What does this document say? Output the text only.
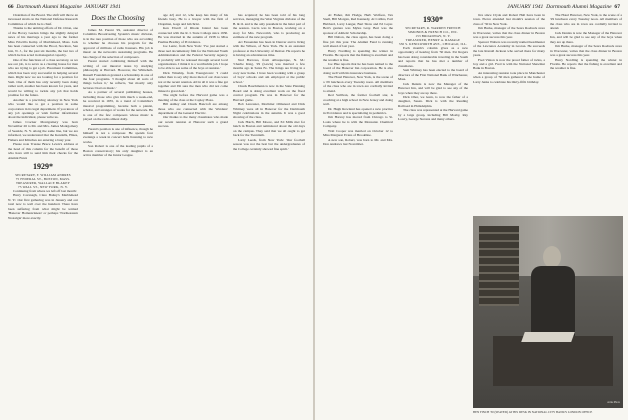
66 Dartmouth Alumni Magazine JANUARY 1941

Chairman of the Board. The shift will throw an increased strain on the National Defense Research Committee of which he is chief.

Thanks to the untiring efforts of Dr. Orton, one of the Hovey Garden brings the slightly delayed news of his marriage a year ago to the former Miss Priscilla Kemp of Marblehead, Mass. Jack has been connected with the Hood, Stockton, San Gin, N. J., for the past six months, the last two of which he has acted in managerial capacity.

One of the functions of a class secretary, as we see our job, is to serve as a clearing house for men who are trying to get a job. Placement Committee, which has been very successful in helping several men. Right now we are looking for a position for Sam. One of them has only recently been doing rather well, another has been known for years, and would be willing to tackle any job that holds promise for the future.

Another is a practicing attorney in New York who would like to get a position in some corporation in its legal department. If you know of any job openings or wish further information about the individual, please write us.

James Crocker Montgomery was born November 26 to Mr. and Mrs. James Montgomery of Seaside, N. Y. Along the same line, but we are informed, we understand that the Kendalls, Hixes, Fishers and Klinches are entering a busy year.

Please note Trustee Bruce Lewis's address at the head of this column for the benefit of those who have still to send him their checks for the Alumni Fund.

1929*
SECRETARY, F. WILLIAM ANDRES
75 FEDERAL ST., BOSTON, MASS.
TREASURER, WALLACE BLAKEY
75 WALL ST., NEW YORK, N. Y.

Continuing from where we left off last month:

Harry Cavanagh, Clare Bailey's Marblehead N. Y.: Our first gathering was in January and our total now is well over the hundred. There have been suffering from what might be termed 'Hanover Homesickness' or perhaps 'Northeastern Nostalgia' more exactly.

Does the Choosing

James M. Parent '29, assistant director of Columbia Broadcasting System's music division, is in the rare position of those who are according to whether he chooses his program for the approval of millions of radio listeners. His job is music on the network's sustaining programs. He has charge of the selection of composers.

Parent started combining himself with the writing of our musical tastes by studying philosophy at Harvard. However, the Whitehall-Russell Foundation granted a scholarship in one of the four programs. 'I thought about all sorts of things before it,' he reflects, 'but mostly only lectures I had on music.'

As a partner of several publishing houses, including those who give him much a week-end, he received in 1935, in a trend of Columbia's musical programming, became both a pianist, scholar, and arranger of works for the network. He is one of the few composers whose music is played on the radio almost daily.

Parent's position is one of influence, though he himself is not a composer. He spends four evenings a week in concert halls listening to new works.

Son Robert is one of the leading pupils of a Boston conservatory; his only daughter is an active member of the Junior League.

age 42) and 12, who keep has many of his friends busy. He is a lawyer with the firm of Chapman, Gage and Gilchrist.

Ken Elwell of Rhode Island has been connected with the R. I. State College since 1930. He was married in the autumn of 1938 to Miss Pauline Bradley of Providence.

Joe Lentz, from New York: 'I've just started a three reel documentary film for the National Youth Administration and the Federal Security Agency. It probably will be released through several local organizations. I think it is a worthwhile job. I hope to be able to see some of the boys at reunion.'

Dick Winship, from Youngstown: 'I could rather than to say why more men of our class were not at the recent reunion. All in all it was a fine get together and I'm sure the men who did not come missed a great deal.'

The night before the Harvard game was a meeting of the class at the Copley Plaza.

Bill Ashley and Chuck Bancroft are among those who are connected with the Wardens' department of the General Electric.

Our thanks to the many classmates who made our recent reunion at Hanover such a grand success.

has acquired; he has been told of his long services, managing the West Virginia division of the B. & O. and is the only president in the latter part of the session. Lucia was in Boston, working on a story for Mrs. Newcomb, who is producing an estimate of the new program.

Art Fessenden has been in Denver and is living with the Wilson, of New York. He is an assistant professor at the University of Denver. He reports he is having an adventurous time.

Ned Barrows, from Albuquerque, N. M.: 'Charlie King, '29 (Lewis) was married a few months ago in Santa Fe. The Kings are living in a cozy new home. I have been working with a group of boys' schools and am employed at the public school.'

Chuck Bauchmann is now in the State Planning Board and is doing excellent work on the flood control program. He was in Hanover for the Harvard game.

Bob Lancaster, Mortimer Olmstead and Dick Whitney were all in Hanover for the Dartmouth Night celebrations in the autumn. It was a good showing of the class.

Jack Hatch, Bill Moore, and Ed Mills met for lunch in Boston and reminisced about the old days on the campus. They said that we all ought to get back for the Twentieth.

Larry Leeds, from New York: 'Our football season was not the best but the undergraduates of the College certainly showed fine spirit.'

JANUARY 1941 Dartmouth Alumni Magazine 67

Al Fisher, Jim Hodge, Herb Wolfson, Tex Snell, Bill Morgan, Red Kennedy, Al Collins, Earl Hubbard, Larry Langer, Bert Shaw and Ed Layer. Bert's gesture was Myles Gray. Bert was the sponsor of Athletic Scholarship.

Bill Dalton, the class agent, has been doing a fine job this year. The Alumni Fund is running well ahead of last year.

Harry Nordling is spending the winter in Florida. He reports that the fishing is excellent and the weather is fine.

Joe Pike reports that he has been named to the board of the Hanover Inn corporation. He is also doing well with his insurance business.

The Hotel Hanover, New York, is the scene of a '29 luncheon every Tuesday noon. All members of the class who are in town are cordially invited to attend.

Red Sullivan, the former football star, is coaching at a high school in New Jersey and doing well.

Dr. Hugh Rowland has opened a new practice in Providence and is specializing in pediatrics.

Jim Harvey has moved from Chicago to St. Louis where he is with the Monsanto Chemical Company.

Walt Cooper was married on October 12 to Miss Margaret Evans of Brookline.

A new son, Robert, was born to Mr. and Mrs. Don Andrews last November.

1930*
SECRETARY, R. WARREN FRENCH
SIMONDS & FRENCH CO., INC.
153 BROADWAY, N. Y.
TREASURER, HENRY A. RAMAGE
330 S. KENILWORTH AVE., CHICAGO, ILL.

Each month's column gives as a new opportunity of hearing from '30 men. Pat Rogers has been doing considerable traveling in the South and reports that he has met a number of classmates.

Sam Whitney has been elected to the board of directors of the First National Bank of Winchester, Mass.

Jack Dennis is now the Manager of the Hanover Inn, and will be glad to see any of the boys when they are up there.

Dick Ober, we learn, is now the father of a daughter, Susan. Dick is with the Reading Railroad in Philadelphia.

The class was represented at the Harvard game by a large group, including Bill Mosby, Ray Lowry, George Stevens and many others.

live since Clyde and Robert Hall have been in town. Pierce attended last month's session of the class of '30 in New York.

Jim Burke, manager of the Sears Roebuck store in Worcester, writes that the class dinner in Boston was a great success this year.

Spencer Walters was recently named headmaster of the Lawrence Academy in Groton. He succeeds the late Ronald Jackson who served there for many years.

Fred Vinton is now the proud father of twins, a boy and a girl. Fred is with the National Shawmut Bank in Boston.

An interesting reunion took place in Manchester when a group of '30 men gathered at the home of Larry Jenks to celebrate his thirty-fifth birthday.

The Hotel Hanover, New York, is the scene of a '29 luncheon every Tuesday noon. All members of the class who are in town are cordially invited to attend.

Jack Dennis is now the Manager of the Hanover Inn, and will be glad to see any of the boys when they are up there.

Jim Burke, manager of the Sears Roebuck store in Worcester, writes that the class dinner in Boston was a great success this year.

Harry Nordling is spending the winter in Florida. He reports that the fishing is excellent and the weather is fine.

Acme Photo
BEN FINCH '30 (SEATED) AT HIS DESK IN NATIONAL CITY BANK'S LONDON OFFICE
